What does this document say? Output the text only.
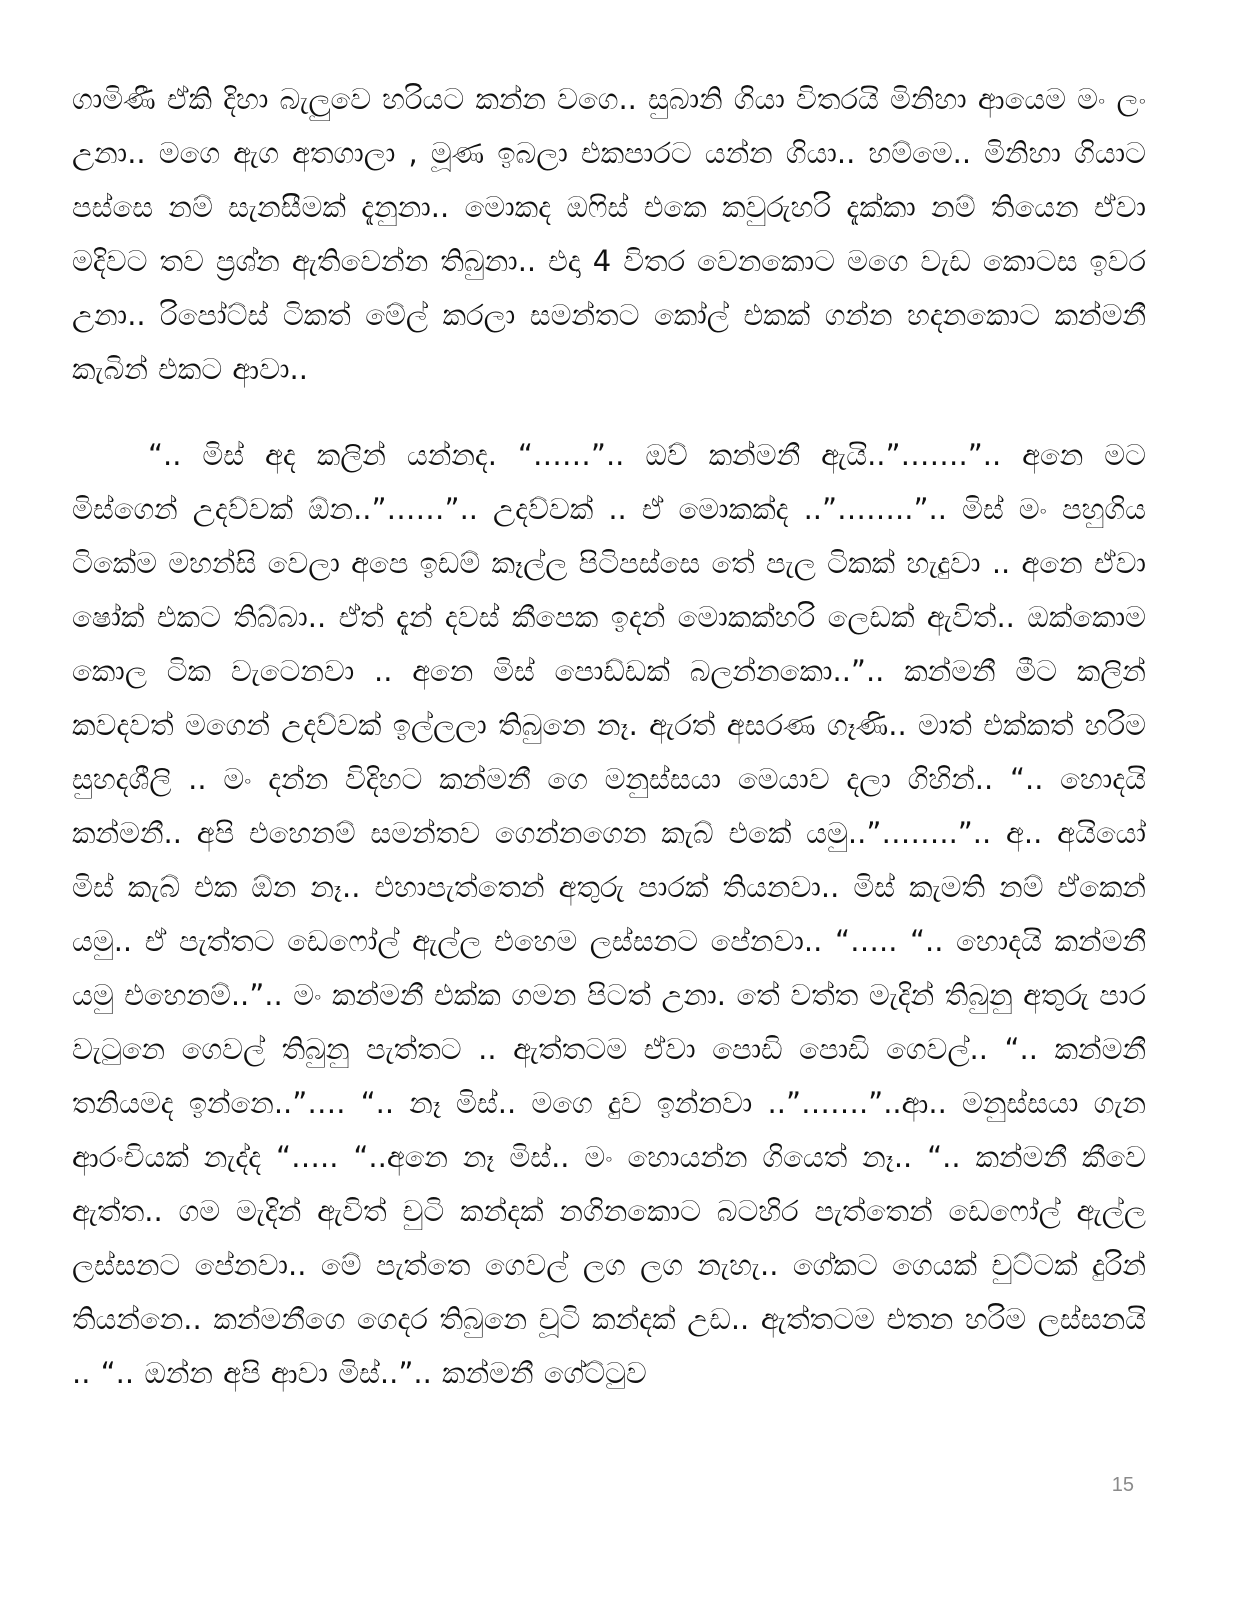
ගාමිණී ඒකි දිහා බැලුවෙ හරියට කන්න වගෙ.. සුබානි ගියා විතරයි මිනිහා ආයෙම මං ලං උනා.. මගෙ ඇග අතගාලා , මූණ ඉබලා එකපාරට යන්න ගියා.. හම්මෙ.. මිනිහා ගියාට පස්සෙ නම් සැනසීමක් දැනුනා.. මොකද ඔෆිස් එකෙ කවුරුහරි දැක්කා නම් තියෙන ඒවා මදිවට තව ප්‍රශ්න ඇතිවෙන්න තිබුනා.. එදා 4 විතර වෙනකොට මගෙ වැඩ කොටස ඉවර උනා.. රිපෝට්ස් ටිකත් මේල් කරලා සමන්තට කෝල් එකක් ගන්න හදනකොට කන්මනී කැබින් එකට ආවා..

“.. මිස් අද කලින් යන්නද. “……”.. ඔව් කන්මනී ඇයි..”…….”.. අනෙ මට මිස්ගෙන් උදව්වක් ඕන..”……”.. උදව්වක් .. ඒ මොකක්ද ..”……..”.. මිස් මං පහුගිය ටිකේම මහන්සි වෙලා අපෙ ඉඩම් කෑල්ල පිටිපස්සෙ තේ පැල ටිකක් හැදුවා .. අනෙ ඒවා ෂෝක් එකට තිබ්බා.. ඒත් දැන් දවස් කීපෙක ඉදන් මොකක්හරි ලෙඩක් ඇවිත්.. ඔක්කොම කොල ටික වැටෙනවා .. අනෙ මිස් පොඩ්ඩක් බලන්නකො..”.. කන්මනී මීට කලින් කවදවත් මගෙන් උදව්වක් ඉල්ලලා තිබුනෙ නෑ. ඇරත් අසරණ ගෑණි.. මාත් එක්කත් හරිම සුහදශීලි .. මං දන්න විදිහට කන්මනී ගෙ මනුස්සයා මෙයාව දලා ගිහින්.. “.. හොදයි කන්මනී.. අපි එහෙනම් සමන්තව ගෙන්නගෙන කැබ් එකේ යමු..”……..”.. අ.. අයියෝ මිස් කැබ් එක ඕන නෑ.. එහාපැත්තෙන් අතුරු පාරක් තියනවා.. මිස් කැමති නම් ඒකෙන් යමු.. ඒ පැත්තට ඩෙෆෝල් ඇල්ල එහෙම ලස්සනට පේනවා.. “….. “.. හොදයි කන්මනී යමු එහෙනම්..”.. මං කන්මනී එක්ක ගමන පිටත් උනා. තේ වත්ත මැදින් තිබුනු අතුරු පාර වැටුනෙ ගෙවල් තිබුනු පැත්තට .. ඇත්තටම ඒවා පොඩි පොඩි ගෙවල්.. “.. කන්මනී තනියමද ඉන්නෙ..”…. “.. නෑ මිස්.. මගෙ දුව ඉන්නවා ..”…….”..ආ.. මනුස්සයා ගැන ආරංචියක් නැද්ද “….. “..අනෙ නෑ මිස්.. මං හොයන්න ගියෙත් නෑ.. “.. කන්මනී කීවෙ ඇත්ත.. ගම මැදින් ඇවිත් චුටි කන්දක් නගිනකොට බටහිර පැත්තෙන් ඩෙෆෝල් ඇල්ල ලස්සනට පේනවා.. මේ පැත්තෙ ගෙවල් ලග ලග නැහැ.. ගේකට ගෙයක් චුට්ටක් දුරින් තියන්නෙ.. කන්මනීගෙ ගෙදර තිබුනෙ චූටි කන්දක් උඩ.. ඇත්තටම එතන හරිම ලස්සනයි .. “.. ඔන්න අපි ආවා මිස්..”.. කන්මනී ගේට්ටුව

15
